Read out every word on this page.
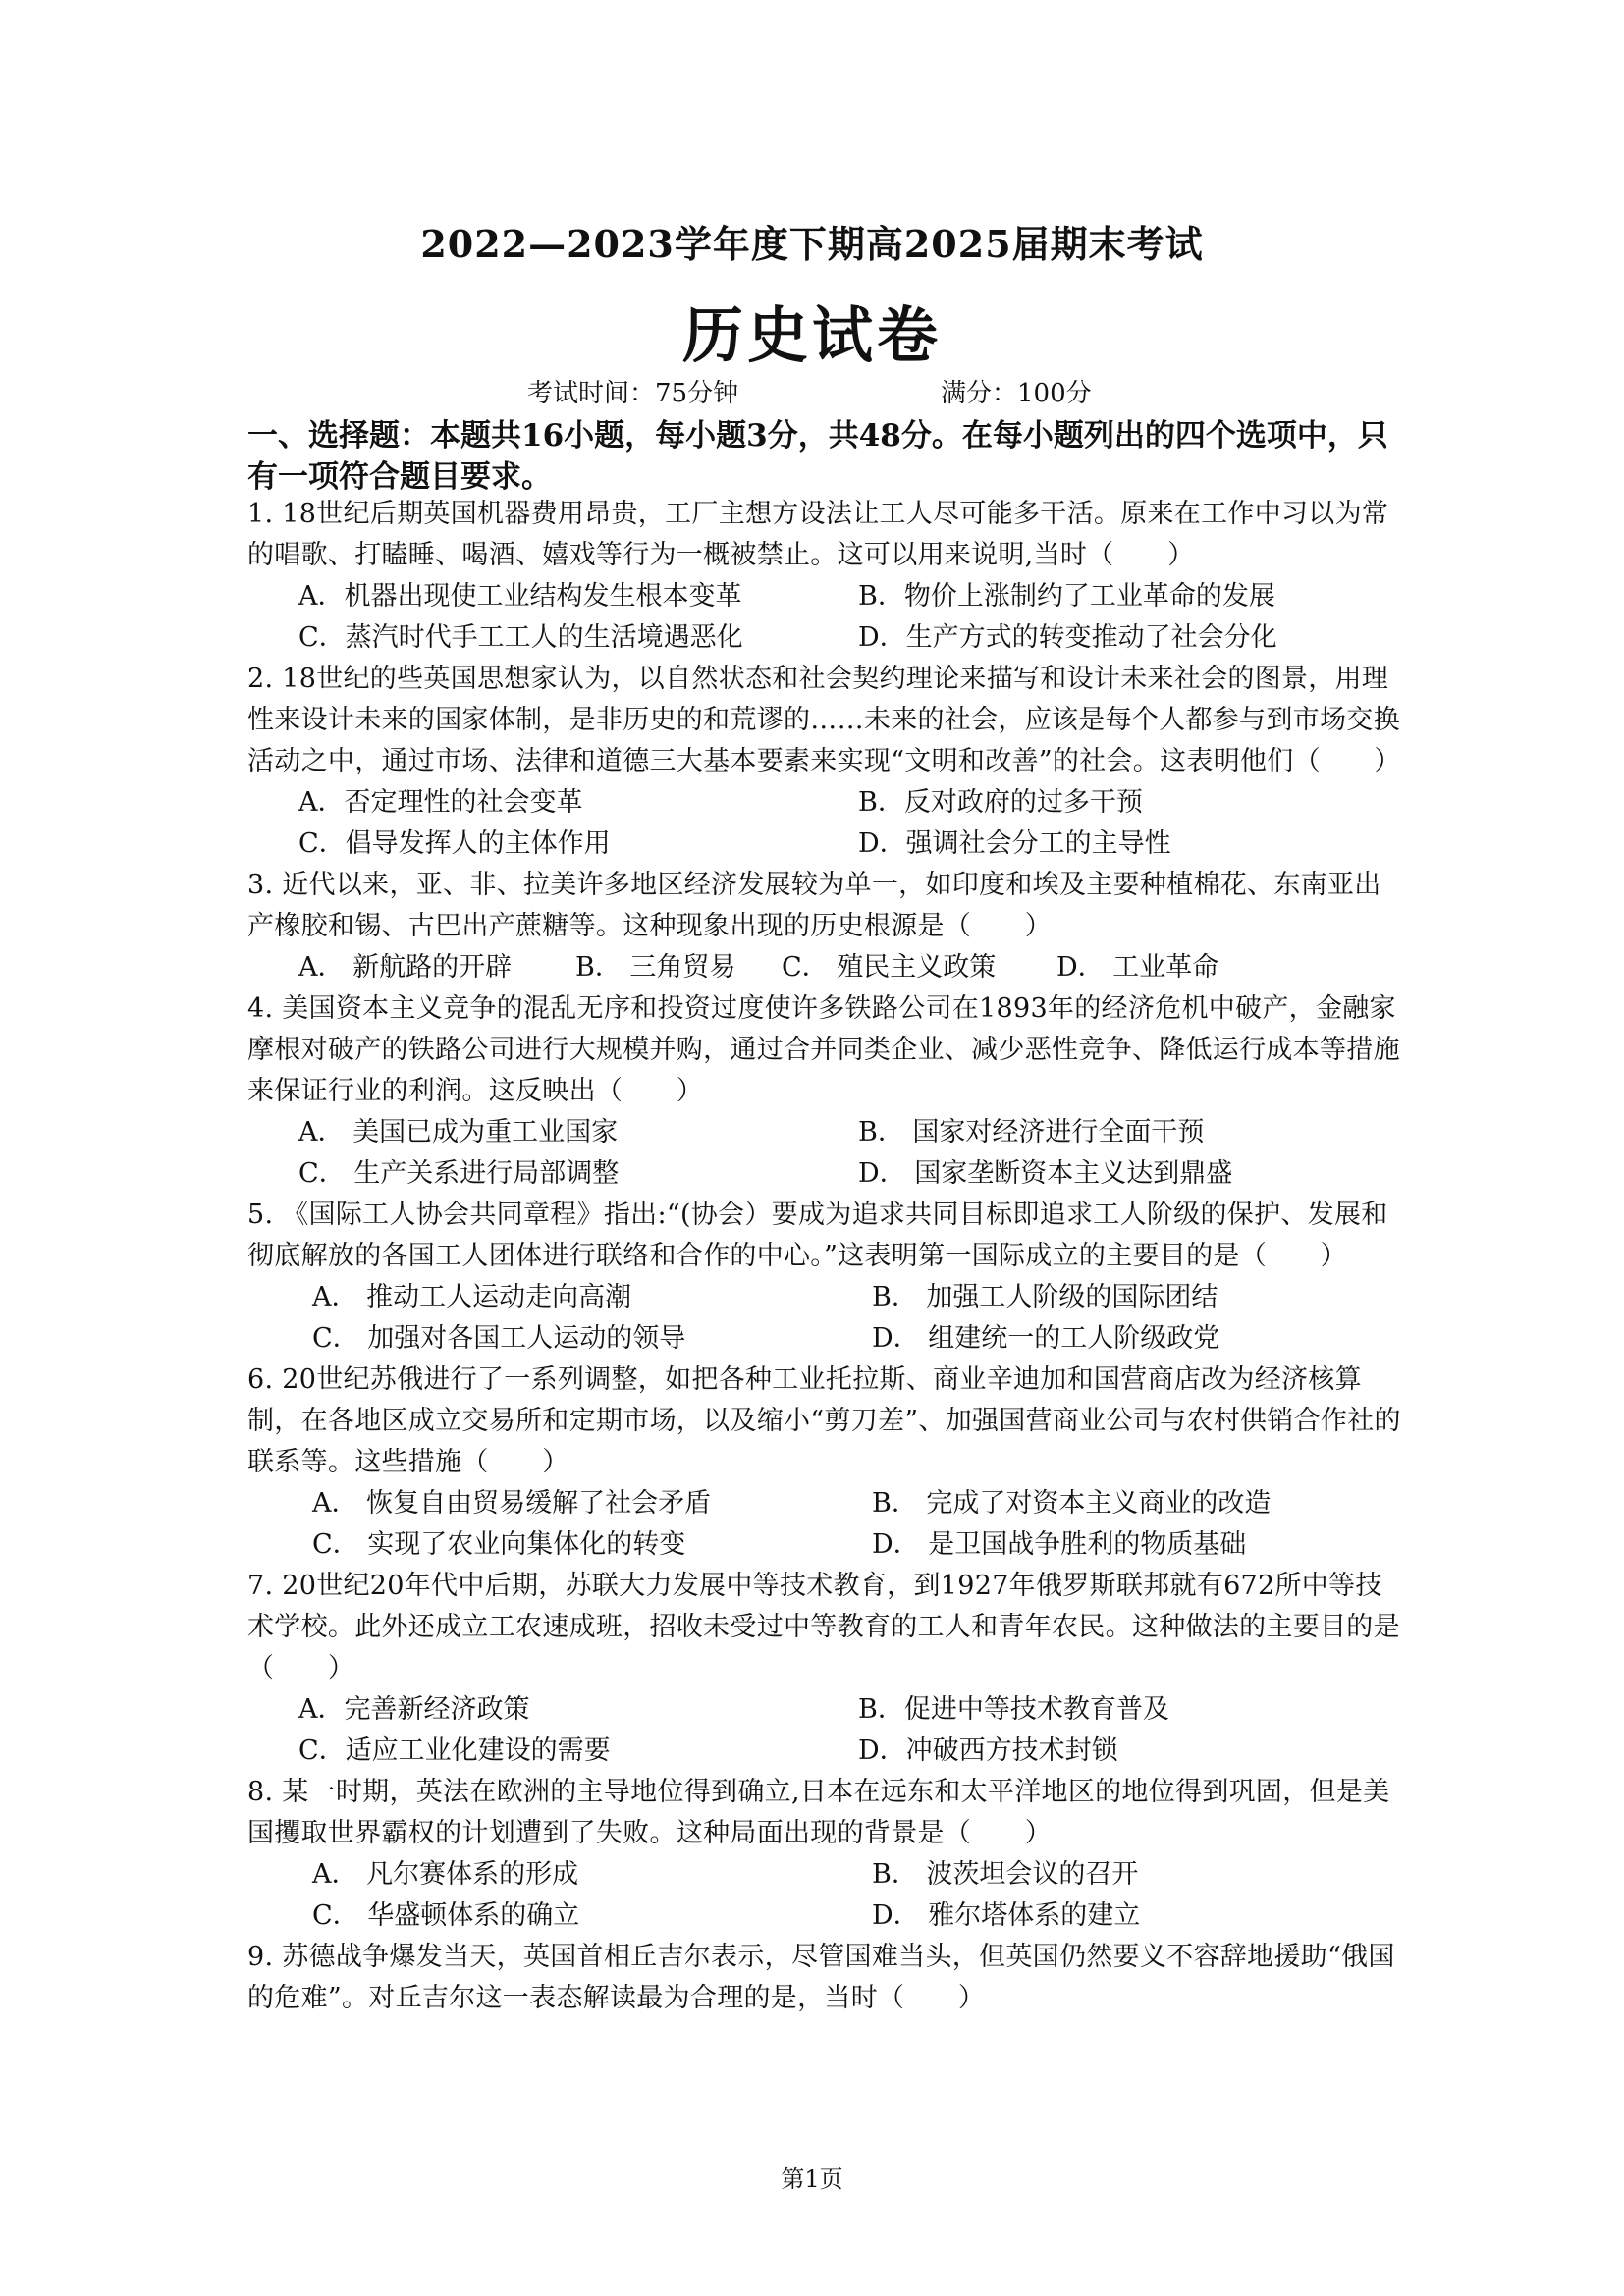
2022—2023学年度下期高2025届期末考试
历史试卷
考试时间：75分钟	满分：100分
一、选择题：本题共16小题，每小题3分，共48分。在每小题列出的四个选项中，只有一项符合题目要求。
1. 18世纪后期英国机器费用昂贵，工厂主想方设法让工人尽可能多干活。原来在工作中习以为常的唱歌、打瞌睡、喝酒、嬉戏等行为一概被禁止。这可以用来说明,当时（　　）
A．机器出现使工业结构发生根本变革	B．物价上涨制约了工业革命的发展
C．蒸汽时代手工工人的生活境遇恶化	D．生产方式的转变推动了社会分化
2. 18世纪的些英国思想家认为，以自然状态和社会契约理论来描写和设计未来社会的图景，用理性来设计未来的国家体制，是非历史的和荒谬的……未来的社会，应该是每个人都参与到市场交换活动之中，通过市场、法律和道德三大基本要素来实现“文明和改善”的社会。这表明他们（　　）
A．否定理性的社会变革	B．反对政府的过多干预
C．倡导发挥人的主体作用	D．强调社会分工的主导性
3. 近代以来，亚、非、拉美许多地区经济发展较为单一，如印度和埃及主要种植棉花、东南亚出产橡胶和锡、古巴出产蔗糖等。这种现象出现的历史根源是（　　）
A． 新航路的开辟	B． 三角贸易	C． 殖民主义政策	D． 工业革命
4. 美国资本主义竞争的混乱无序和投资过度使许多铁路公司在1893年的经济危机中破产，金融家摩根对破产的铁路公司进行大规模并购，通过合并同类企业、减少恶性竞争、降低运行成本等措施来保证行业的利润。这反映出（　　）
A． 美国已成为重工业国家	B． 国家对经济进行全面干预
C． 生产关系进行局部调整	D． 国家垄断资本主义达到鼎盛
5. 《国际工人协会共同章程》指出:“(协会）要成为追求共同目标即追求工人阶级的保护、发展和彻底解放的各国工人团体进行联络和合作的中心。”这表明第一国际成立的主要目的是（　　）
A． 推动工人运动走向高潮	B． 加强工人阶级的国际团结
C． 加强对各国工人运动的领导	D． 组建统一的工人阶级政党
6. 20世纪苏俄进行了一系列调整，如把各种工业托拉斯、商业辛迪加和国营商店改为经济核算制，在各地区成立交易所和定期市场，以及缩小“剪刀差”、加强国营商业公司与农村供销合作社的联系等。这些措施（　　）
A． 恢复自由贸易缓解了社会矛盾	B． 完成了对资本主义商业的改造
C． 实现了农业向集体化的转变	D． 是卫国战争胜利的物质基础
7. 20世纪20年代中后期，苏联大力发展中等技术教育，到1927年俄罗斯联邦就有672所中等技术学校。此外还成立工农速成班，招收未受过中等教育的工人和青年农民。这种做法的主要目的是（　　）
A．完善新经济政策	B．促进中等技术教育普及
C．适应工业化建设的需要	D．冲破西方技术封锁
8. 某一时期，英法在欧洲的主导地位得到确立,日本在远东和太平洋地区的地位得到巩固，但是美国攫取世界霸权的计划遭到了失败。这种局面出现的背景是（　　）
A． 凡尔赛体系的形成	B． 波茨坦会议的召开
C． 华盛顿体系的确立	D． 雅尔塔体系的建立
9. 苏德战争爆发当天，英国首相丘吉尔表示，尽管国难当头，但英国仍然要义不容辞地援助“俄国的危难”。对丘吉尔这一表态解读最为合理的是，当时（　　）
第1页
